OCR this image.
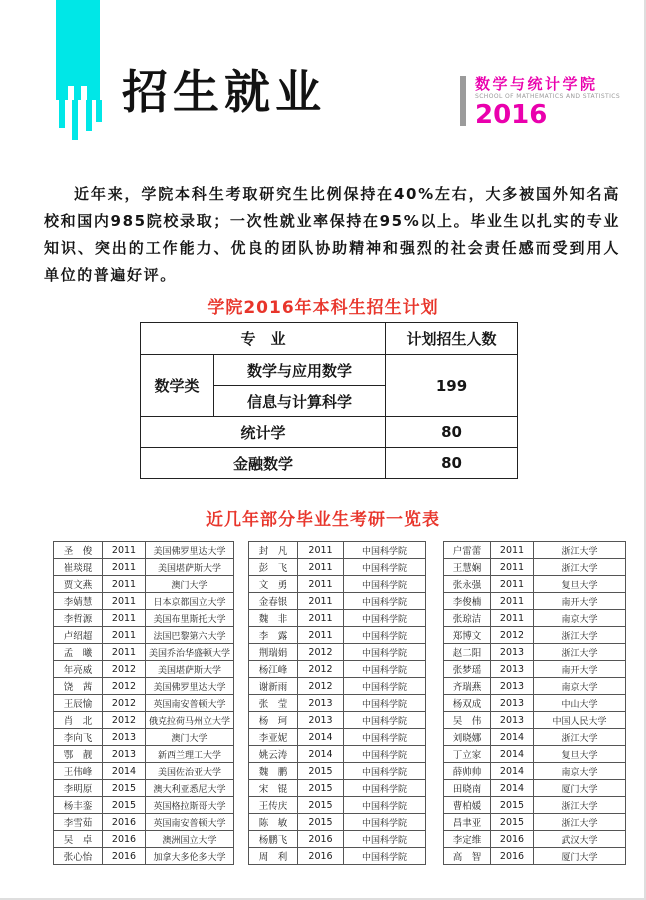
招生就业	数学与统计学院
SCHOOL OF MATHEMATICS AND STATISTICS
2016

近年来，学院本科生考取研究生比例保持在40%左右，大多被国外知名高校和国内985院校录取；一次性就业率保持在95%以上。毕业生以扎实的专业知识、突出的工作能力、优良的团队协助精神和强烈的社会责任感而受到用人单位的普遍好评。

学院2016年本科生招生计划
专　业		计划招生人数
数学类	数学与应用数学	199
	信息与计算科学	
统计学		80
金融数学		80
近几年部分毕业生考研一览表
圣　俊	2011	美国佛罗里达大学
崔琰琨	2011	美国堪萨斯大学
贾文燕	2011	澳门大学
李婧慧	2011	日本京都国立大学
李哲源	2011	美国布里斯托大学
卢绍超	2011	法国巴黎第六大学
孟　曦	2011	美国乔治华盛顿大学
年亮威	2012	美国堪萨斯大学
饶　茜	2012	美国佛罗里达大学
王辰愉	2012	英国南安普顿大学
肖　北	2012	俄克拉荷马州立大学
李向飞	2013	澳门大学
鄂　靓	2013	新西兰理工大学
王伟峰	2014	美国佐治亚大学
李明原	2015	澳大利亚悉尼大学
杨丰銮	2015	英国格拉斯哥大学
李雪茹	2016	英国南安普顿大学
吴　卓	2016	澳洲国立大学
张心怡	2016	加拿大多伦多大学
封　凡	2011	中国科学院
彭　飞	2011	中国科学院
文　勇	2011	中国科学院
金春银	2011	中国科学院
魏　非	2011	中国科学院
李　露	2011	中国科学院
荆瑞娟	2012	中国科学院
杨江峰	2012	中国科学院
谢新雨	2012	中国科学院
张　莹	2013	中国科学院
杨　珂	2013	中国科学院
李亚妮	2014	中国科学院
姚云涛	2014	中国科学院
魏　鹏	2015	中国科学院
宋　锟	2015	中国科学院
王传庆	2015	中国科学院
陈　敏	2015	中国科学院
杨鹏飞	2016	中国科学院
周　利	2016	中国科学院
户雷蕾	2011	浙江大学
王慧娴	2011	浙江大学
张永强	2011	复旦大学
李俊楠	2011	南开大学
张琼洁	2011	南京大学
郑博文	2012	浙江大学
赵二阳	2013	浙江大学
张梦瑶	2013	南开大学
齐瑞燕	2013	南京大学
杨双成	2013	中山大学
吴　伟	2013	中国人民大学
刘晓娜	2014	浙江大学
丁立家	2014	复旦大学
薛帅帅	2014	南京大学
田晓南	2014	厦门大学
曹柏媛	2015	浙江大学
昌聿亚	2015	浙江大学
李定维	2016	武汉大学
高　智	2016	厦门大学
